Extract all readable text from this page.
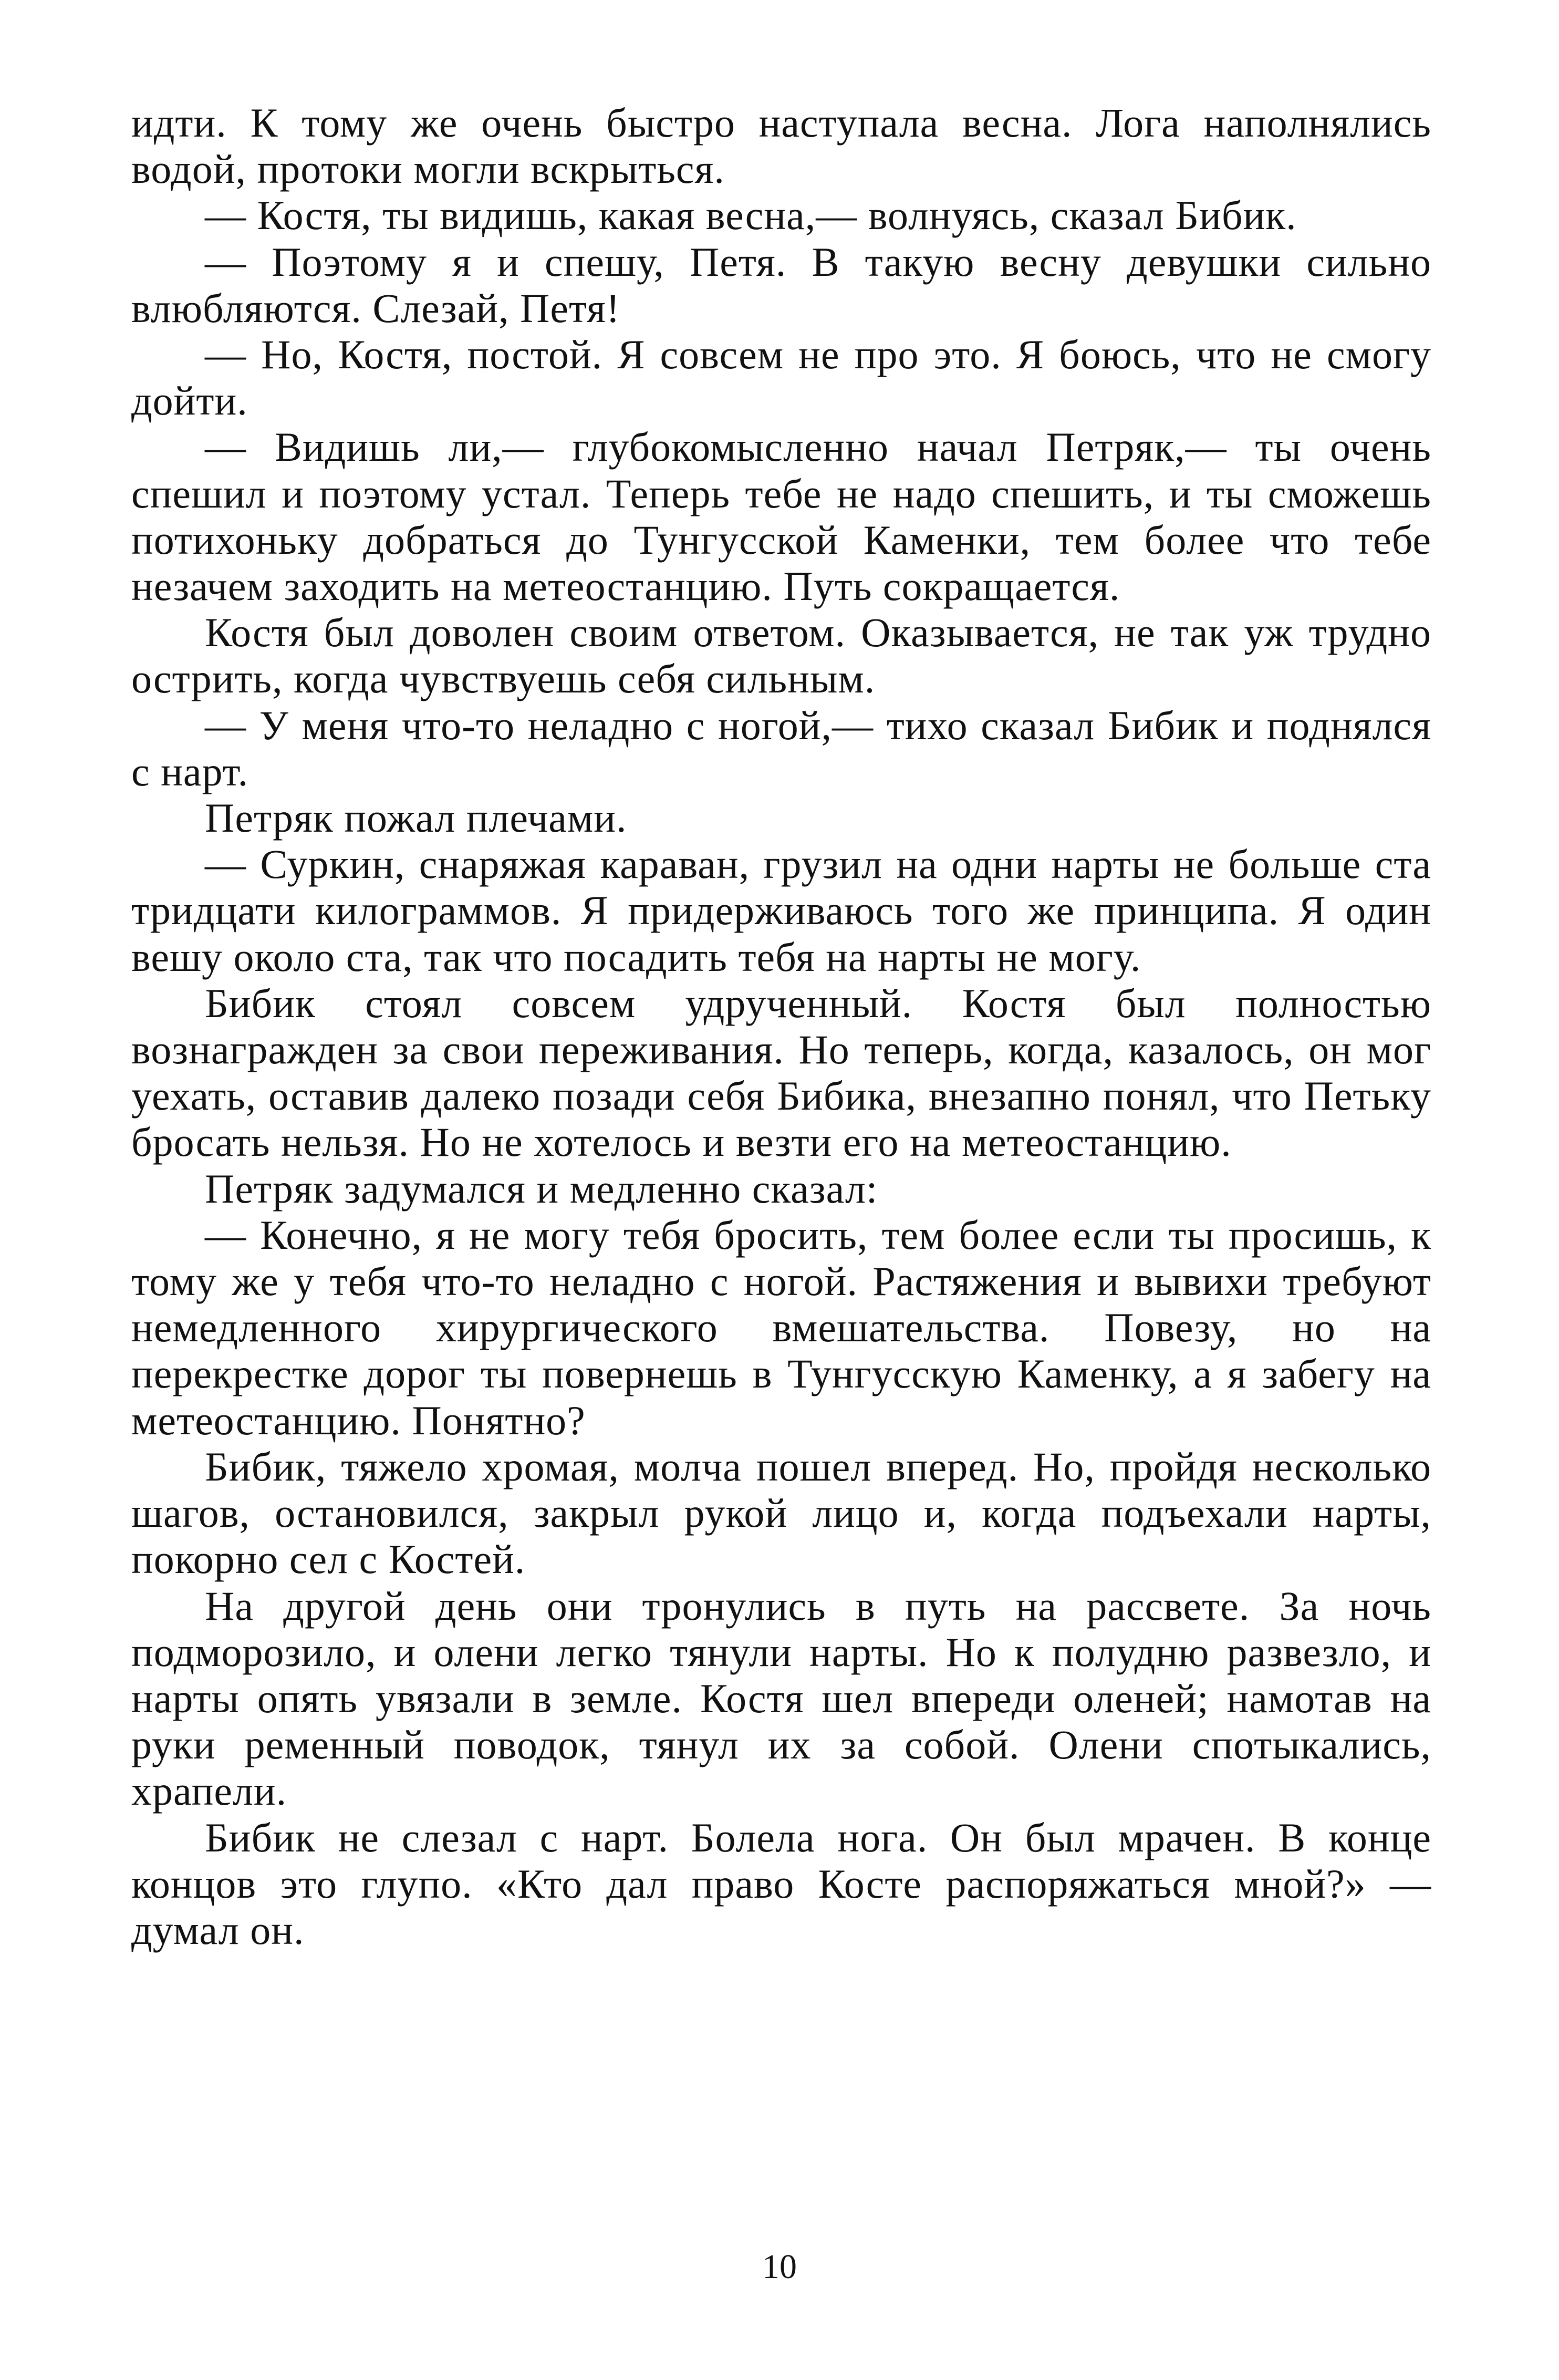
идти. К тому же очень быстро наступала весна. Лога наполнялись водой, протоки могли вскрыться.

— Костя, ты видишь, какая весна,— волнуясь, сказал Бибик.

— Поэтому я и спешу, Петя. В такую весну девушки сильно влюбляются. Слезай, Петя!

— Но, Костя, постой. Я совсем не про это. Я боюсь, что не смогу дойти.

— Видишь ли,— глубокомысленно начал Петряк,— ты очень спешил и поэтому устал. Теперь тебе не надо спешить, и ты сможешь потихоньку добраться до Тунгусской Каменки, тем более что тебе незачем заходить на метеостанцию. Путь сокращается.

Костя был доволен своим ответом. Оказывается, не так уж трудно острить, когда чувствуешь себя сильным.

— У меня что-то неладно с ногой,— тихо сказал Бибик и поднялся с нарт.

Петряк пожал плечами.

— Суркин, снаряжая караван, грузил на одни нарты не больше ста тридцати килограммов. Я придерживаюсь того же принципа. Я один вешу около ста, так что посадить тебя на нарты не могу.

Бибик стоял совсем удрученный. Костя был полностью вознагражден за свои переживания. Но теперь, когда, казалось, он мог уехать, оставив далеко позади себя Бибика, внезапно понял, что Петьку бросать нельзя. Но не хотелось и везти его на метеостанцию.

Петряк задумался и медленно сказал:

— Конечно, я не могу тебя бросить, тем более если ты просишь, к тому же у тебя что-то неладно с ногой. Растяжения и вывихи требуют немедленного хирургического вмешательства. Повезу, но на перекрестке дорог ты повернешь в Тунгусскую Каменку, а я забегу на метеостанцию. Понятно?

Бибик, тяжело хромая, молча пошел вперед. Но, пройдя несколько шагов, остановился, закрыл рукой лицо и, когда подъехали нарты, покорно сел с Костей.

На другой день они тронулись в путь на рассвете. За ночь подморозило, и олени легко тянули нарты. Но к полудню развезло, и нарты опять увязали в земле. Костя шел впереди оленей; намотав на руки ременный поводок, тянул их за собой. Олени спотыкались, храпели.

Бибик не слезал с нарт. Болела нога. Он был мрачен. В конце концов это глупо. «Кто дал право Косте распоряжаться мной?» — думал он.

10
